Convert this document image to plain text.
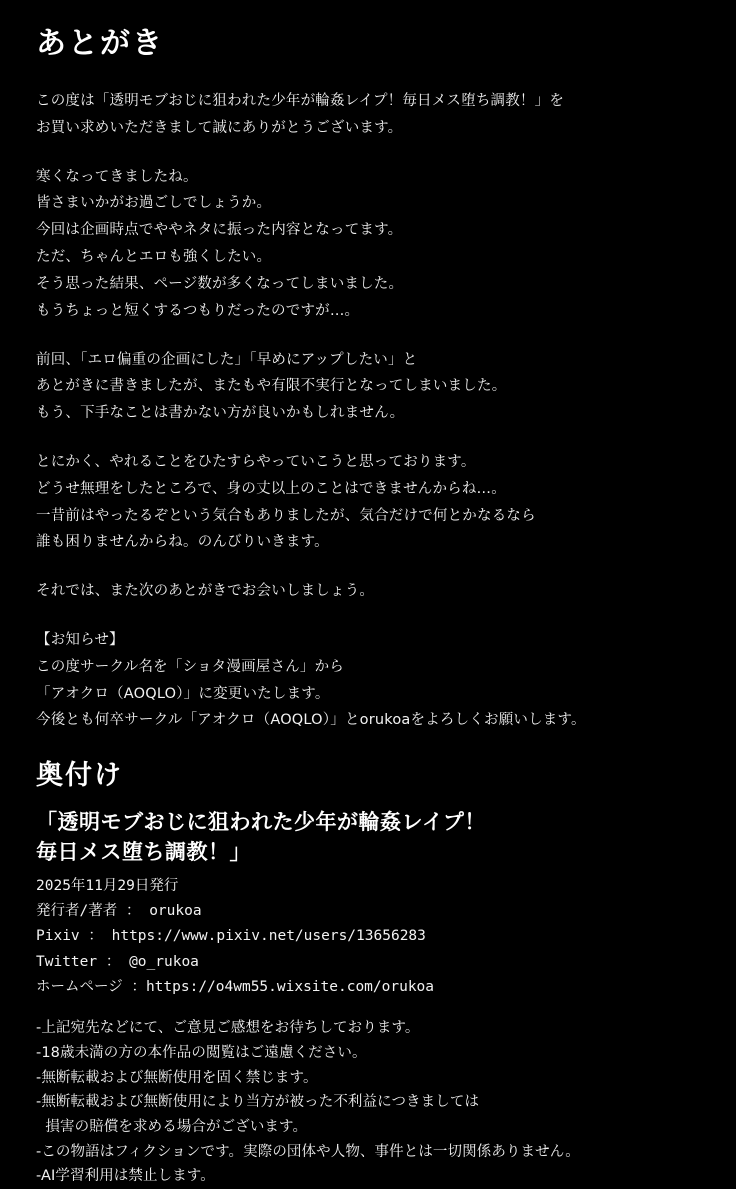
あとがき
この度は「透明モブおじに狙われた少年が輪姦レイプ！毎日メス堕ち調教！」を
お買い求めいただきまして誠にありがとうございます。
寒くなってきましたね。
皆さまいかがお過ごしでしょうか。
今回は企画時点でややネタに振った内容となってます。
ただ、ちゃんとエロも強くしたい。
そう思った結果、ページ数が多くなってしまいました。
もうちょっと短くするつもりだったのですが…。
前回、「エロ偏重の企画にした」「早めにアップしたい」と
あとがきに書きましたが、またもや有限不実行となってしまいました。
もう、下手なことは書かない方が良いかもしれません。
とにかく、やれることをひたすらやっていこうと思っております。
どうせ無理をしたところで、身の丈以上のことはできませんからね…。
一昔前はやったるぞという気合もありましたが、気合だけで何とかなるなら
誰も困りませんからね。のんびりいきます。
それでは、また次のあとがきでお会いしましょう。
【お知らせ】
この度サークル名を「ショタ漫画屋さん」から
「アオクロ（AOQLO）」に変更いたします。
今後とも何卒サークル「アオクロ（AOQLO）」とorukoaをよろしくお願いします。
奥付け
「透明モブおじに狙われた少年が輪姦レイプ！
毎日メス堕ち調教！」
2025年11月29日発行
発行者/著者 ： orukoa
Pixiv ： https://www.pixiv.net/users/13656283
Twitter ： @o_rukoa
ホームページ ：https://o4wm55.wixsite.com/orukoa
-上記宛先などにて、ご意見ご感想をお待ちしております。
-18歳未満の方の本作品の閲覧はご遠慮ください。
-無断転載および無断使用を固く禁じます。
-無断転載および無断使用により当方が被った不利益につきましては
損害の賠償を求める場合がございます。
-この物語はフィクションです。実際の団体や人物、事件とは一切関係ありません。
-AI学習利用は禁止します。
